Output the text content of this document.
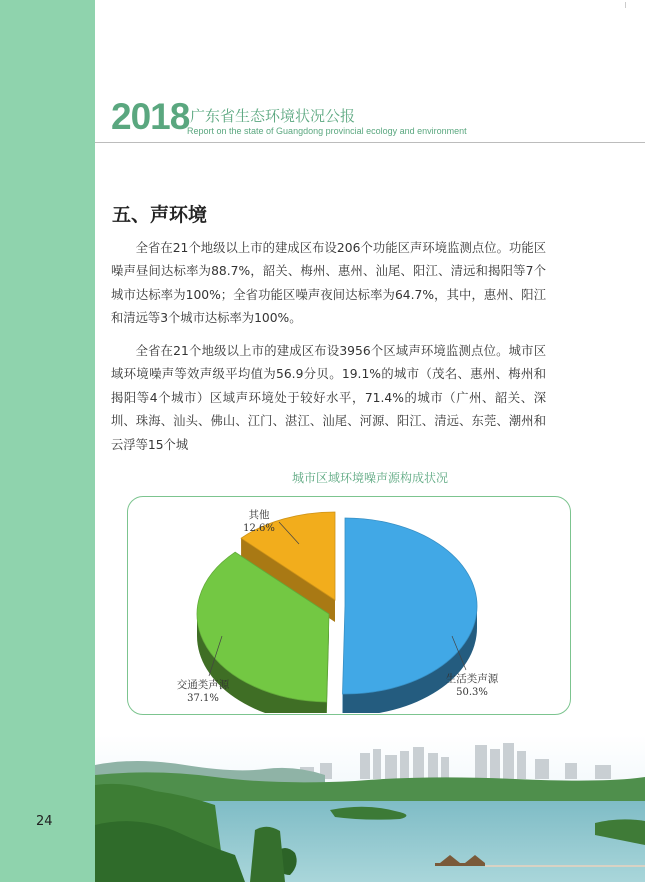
24
2018 广东省生态环境状况公报
Report on the state of Guangdong provincial ecology and environment
五、声环境
全省在21个地级以上市的建成区布设206个功能区声环境监测点位。功能区噪声昼间达标率为88.7%，韶关、梅州、惠州、汕尾、阳江、清远和揭阳等7个城市达标率为100%；全省功能区噪声夜间达标率为64.7%，其中，惠州、阳江和清远等3个城市达标率为100%。
全省在21个地级以上市的建成区布设3956个区域声环境监测点位。城市区域环境噪声等效声级平均值为56.9分贝。19.1%的城市（茂名、惠州、梅州和揭阳等4个城市）区域声环境处于较好水平，71.4%的城市（广州、韶关、深圳、珠海、汕头、佛山、江门、湛江、汕尾、河源、阳江、清远、东莞、潮州和云浮等15个城
城市区域环境噪声源构成状况
生活类声源
50.3%
交通类声源
37.1%
其他
12.6%
